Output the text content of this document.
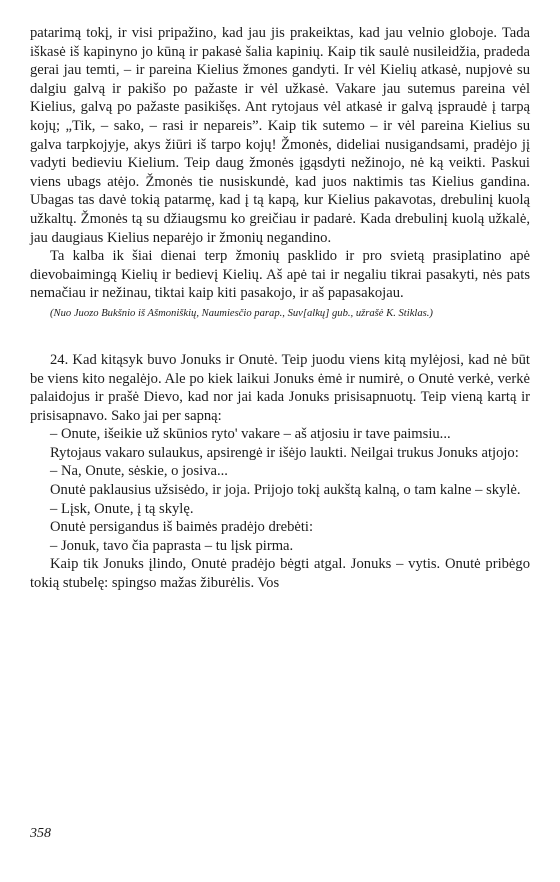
patarimą tokį, ir visi pripažino, kad jau jis prakeiktas, kad jau velnio globoje. Tada iškasė iš kapinyno jo kūną ir pakasė šalia kapinių. Kaip tik saulė nusileidžia, pradeda gerai jau temti, – ir pareina Kielius žmones gandyti. Ir vėl Kielių atkasė, nupjovė su dalgiu galvą ir pakišo po pažaste ir vėl užkasė. Vakare jau sutemus pareina vėl Kielius, galvą po pažaste pasikišęs. Ant rytojaus vėl atkasė ir galvą įspraudė į tarpą kojų; „Tik, – sako, – rasi ir nepareis”. Kaip tik sutemo – ir vėl pareina Kielius su galva tarpkojyje, akys žiūri iš tarpo kojų! Žmonės, dideliai nusigandsami, pradėjo jį vadyti bedieviu Kielium. Teip daug žmonės įgąsdyti nežinojo, nė ką veikti. Paskui viens ubags atėjo. Žmonės tie nusiskundė, kad juos naktimis tas Kielius gandina. Ubagas tas davė tokią patarmę, kad į tą kapą, kur Kielius pakavotas, drebulinį kuolą užkaltų. Žmonės tą su džiaugsmu ko greičiau ir padarė. Kada drebulinį kuolą užkalė, jau daugiaus Kielius neparėjo ir žmonių negandino.

Ta kalba ik šiai dienai terp žmonių pasklido ir pro svietą prasiplatino apė dievobaimingą Kielių ir bedievį Kielių. Aš apė tai ir negaliu tikrai pasakyti, nės pats nemačiau ir nežinau, tiktai kaip kiti pasakojo, ir aš papasakojau.

(Nuo Juozo Bukšnio iš Ašmoniškių, Naumiesčio parap., Suv[alkų] gub., užrašė K. Stiklas.)

24. Kad kitąsyk buvo Jonuks ir Onutė. Teip juodu viens kitą mylėjosi, kad nė būt be viens kito negalėjo. Ale po kiek laikui Jonuks ėmė ir numirė, o Onutė verkė, verkė palaidojus ir prašė Dievo, kad nor jai kada Jonuks prisisapnuotų. Teip vieną kartą ir prisisapnavo. Sako jai per sapną:

– Onute, išeikie už skūnios ryto' vakare – aš atjosiu ir tave paimsiu...

Rytojaus vakaro sulaukus, apsirengė ir išėjo laukti. Neilgai trukus Jonuks atjojo:

– Na, Onute, sėskie, o josiva...

Onutė paklausius užsisėdo, ir joja. Prijojo tokį aukštą kalną, o tam kalne – skylė.

– Lįsk, Onute, į tą skylę.

Onutė persigandus iš baimės pradėjo drebėti:

– Jonuk, tavo čia paprasta – tu lįsk pirma.

Kaip tik Jonuks įlindo, Onutė pradėjo bėgti atgal. Jonuks – vytis. Onutė pribėgo tokią stubelę: spingso mažas žiburėlis. Vos

358
